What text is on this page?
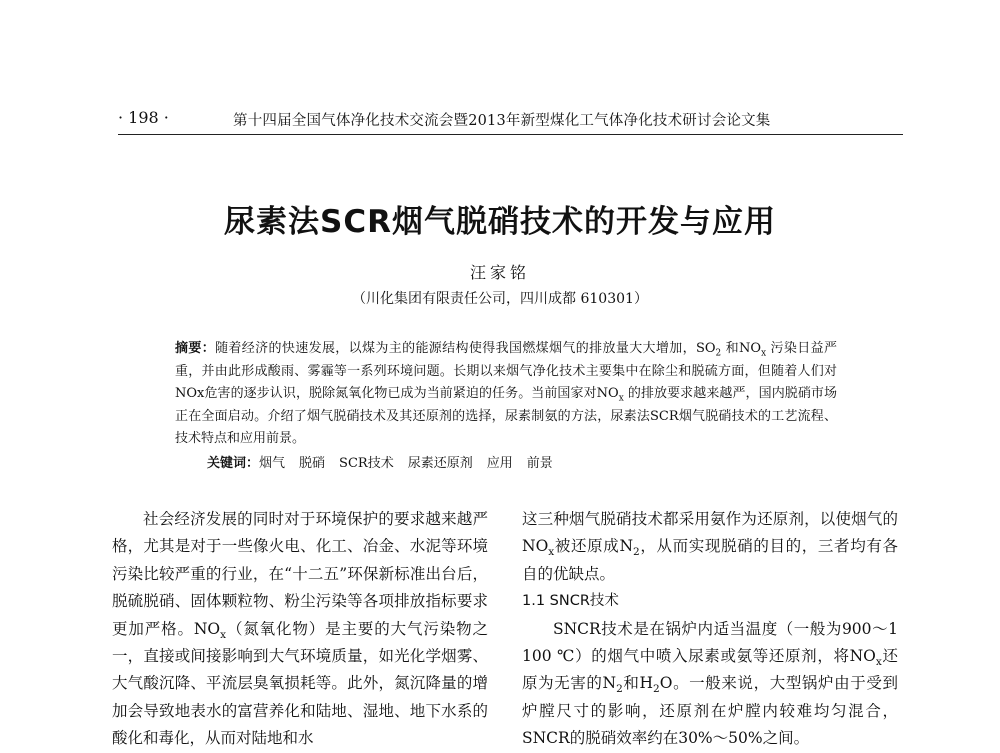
· 198 ·	第十四届全国气体净化技术交流会暨2013年新型煤化工气体净化技术研讨会论文集
尿素法SCR烟气脱硝技术的开发与应用
汪家铭
（川化集团有限责任公司，四川成都 610301）
摘要：随着经济的快速发展，以煤为主的能源结构使得我国燃煤烟气的排放量大大增加，$SO_2$ 和$NO_x$ 污染日益严重，并由此形成酸雨、雾霾等一系列环境问题。长期以来烟气净化技术主要集中在除尘和脱硫方面，但随着人们对NOx危害的逐步认识，脱除氮氧化物已成为当前紧迫的任务。当前国家对$NO_x$ 的排放要求越来越严，国内脱硝市场正在全面启动。介绍了烟气脱硝技术及其还原剂的选择，尿素制氨的方法，尿素法SCR烟气脱硝技术的工艺流程、技术特点和应用前景。
关键词：烟气 脱硝 SCR技术 尿素还原剂 应用 前景

社会经济发展的同时对于环境保护的要求越来越严格，尤其是对于一些像火电、化工、冶金、水泥等环境污染比较严重的行业，在“十二五”环保新标准出台后，脱硫脱硝、固体颗粒物、粉尘污染等各项排放指标要求更加严格。$NO_x$（氮氧化物）是主要的大气污染物之一，直接或间接影响到大气环境质量，如光化学烟雾、大气酸沉降、平流层臭氧损耗等。此外，氮沉降量的增加会导致地表水的富营养化和陆地、湿地、地下水系的酸化和毒化，从而对陆地和水

这三种烟气脱硝技术都采用氨作为还原剂，以使烟气的$NO_x$被还原成$N_2$，从而实现脱硝的目的，三者均有各自的优缺点。

1.1 SNCR技术

SNCR技术是在锅炉内适当温度（一般为900～1 100 ℃）的烟气中喷入尿素或氨等还原剂，将$NO_x$还原为无害的$N_2$和$H_2O$。一般来说，大型锅炉由于受到炉膛尺寸的影响，还原剂在炉膛内较难均匀混合，SNCR的脱硝效率约在30%～50%之间。
